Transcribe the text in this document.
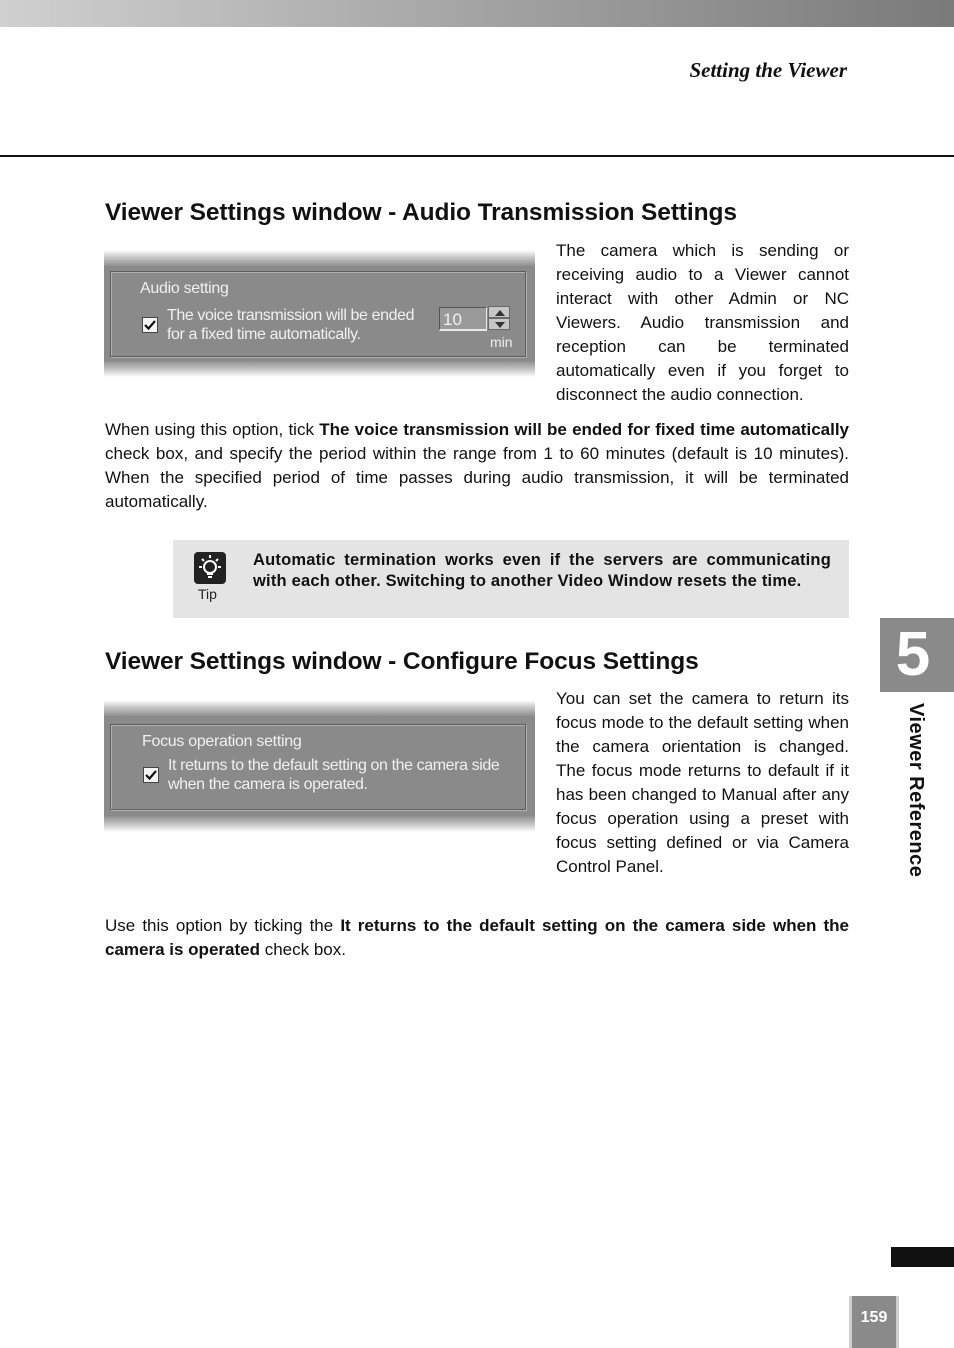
Setting the Viewer
Viewer Settings window - Audio Transmission Settings
Audio setting
The voice transmission will be ended
for a fixed time automatically.
10
min

The camera which is sending or receiving audio to a Viewer cannot interact with other Admin or NC Viewers. Audio transmission and reception can be terminated automatically even if you forget to disconnect the audio connection.

When using this option, tick The voice transmission will be ended for fixed time automatically check box, and specify the period within the range from 1 to 60 minutes (default is 10 minutes). When the specified period of time passes during audio transmission, it will be terminated automatically.

Tip

Automatic termination works even if the servers are communicating with each other. Switching to another Video Window resets the time.

Viewer Settings window - Configure Focus Settings
Focus operation setting
It returns to the default setting on the camera side
when the camera is operated.

You can set the camera to return its focus mode to the default setting when the camera orientation is changed. The focus mode returns to default if it has been changed to Manual after any focus operation using a preset with focus setting defined or via Camera Control Panel.

Use this option by ticking the It returns to the default setting on the camera side when the camera is operated check box.

5
Viewer Reference
159
